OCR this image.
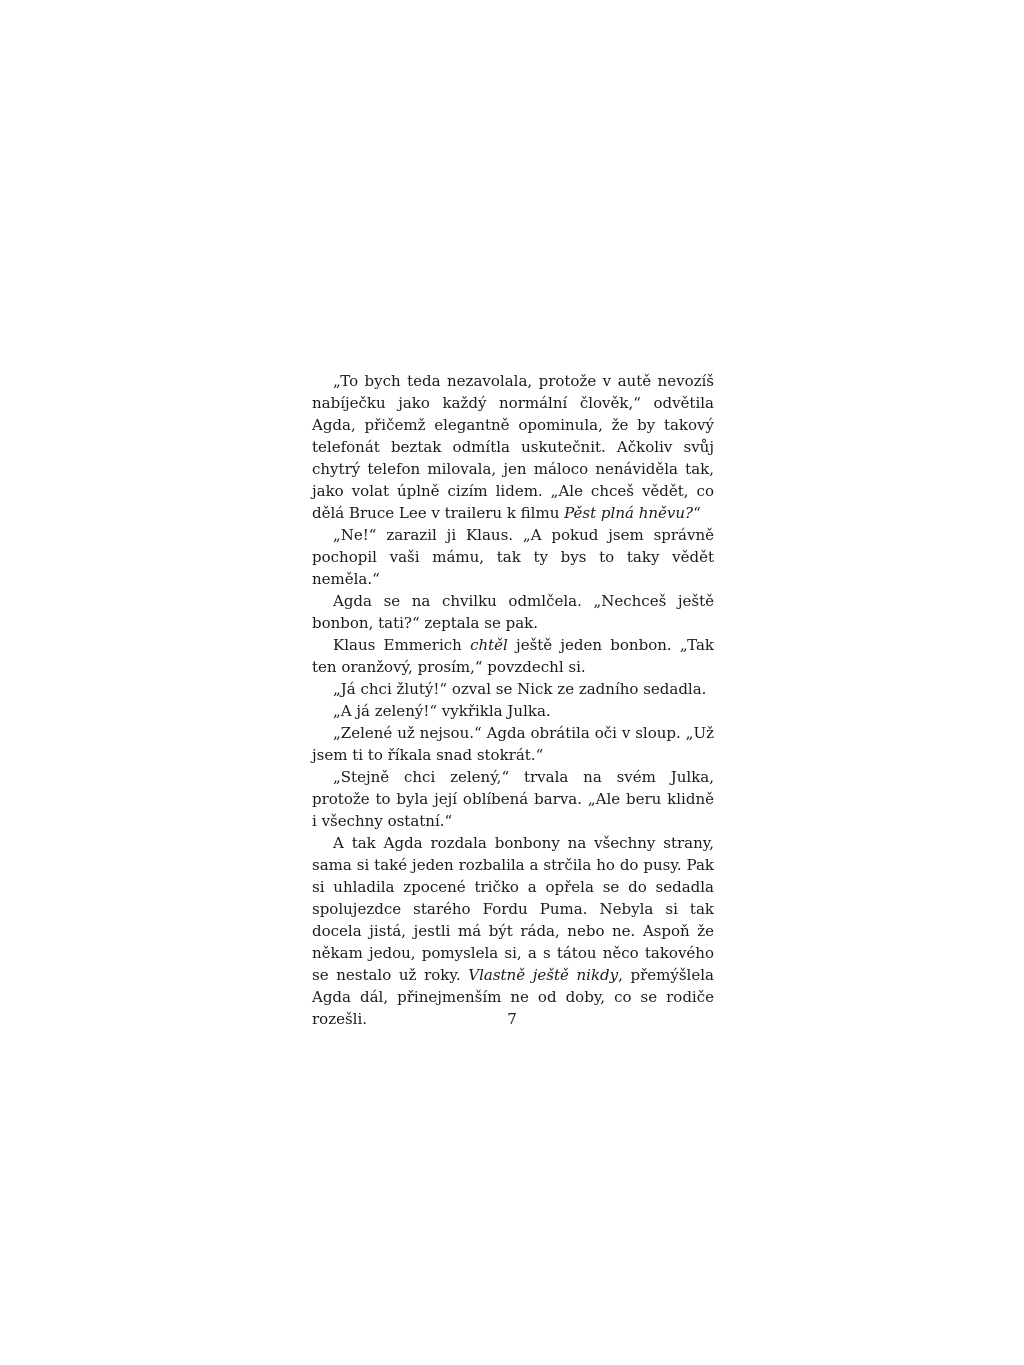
„To bych teda nezavolala, protože v autě nevozíš nabíječku jako každý normální člověk,“ odvětila Agda, přičemž elegantně opominula, že by takový telefonát beztak odmítla uskutečnit. Ačkoliv svůj chytrý telefon milovala, jen máloco nenáviděla tak, jako volat úplně cizím lidem. „Ale chceš vědět, co dělá Bruce Lee v traileru k filmu Pěst plná hněvu?“

„Ne!“ zarazil ji Klaus. „A pokud jsem správně pochopil vaši mámu, tak ty bys to taky vědět neměla.“

Agda se na chvilku odmlčela. „Nechceš ještě bonbon, tati?“ zeptala se pak.

Klaus Emmerich chtěl ještě jeden bonbon. „Tak ten oranžový, prosím,“ povzdechl si.

„Já chci žlutý!“ ozval se Nick ze zadního sedadla.

„A já zelený!“ vykřikla Julka.

„Zelené už nejsou.“ Agda obrátila oči v sloup. „Už jsem ti to říkala snad stokrát.“

„Stejně chci zelený,“ trvala na svém Julka, protože to byla její oblíbená barva. „Ale beru klidně i všechny ostatní.“

A tak Agda rozdala bonbony na všechny strany, sama si také jeden rozbalila a strčila ho do pusy. Pak si uhladila zpocené tričko a opřela se do sedadla spolujezdce starého Fordu Puma. Nebyla si tak docela jistá, jestli má být ráda, nebo ne. Aspoň že někam jedou, pomyslela si, a s tátou něco takového se nestalo už roky. Vlastně ještě nikdy, přemýšlela Agda dál, přinejmenším ne od doby, co se rodiče rozešli.	7
